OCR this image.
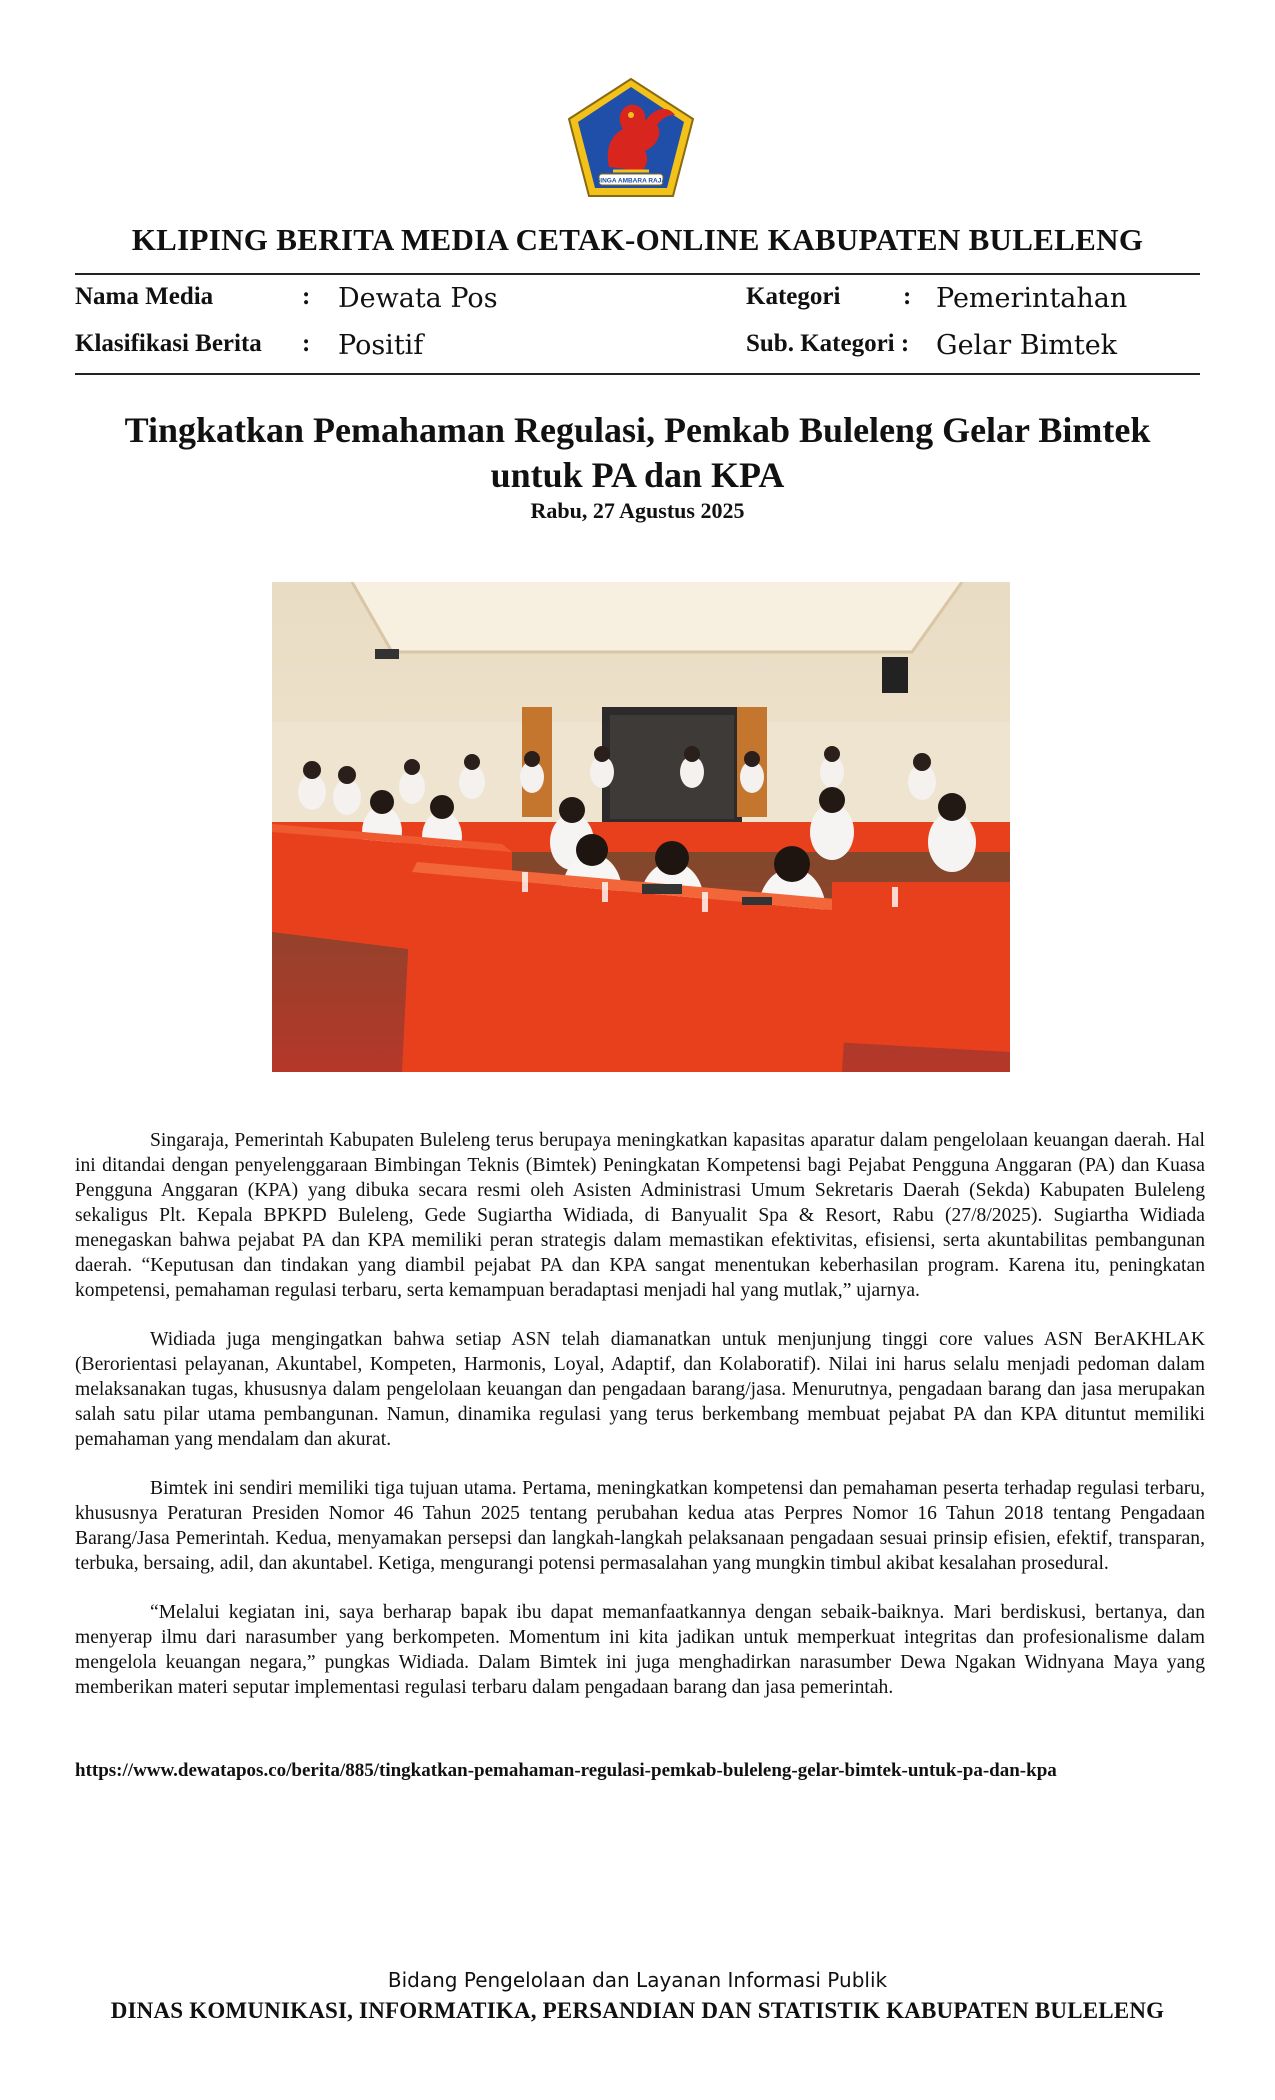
SINGA AMBARA RAJA
KLIPING BERITA MEDIA CETAK-ONLINE KABUPATEN BULELENG
Nama Media	: Dewata Pos	Kategori	: Pemerintahan
Klasifikasi Berita : Positif	Sub. Kategori : Gelar Bimtek
Tingkatkan Pemahaman Regulasi, Pemkab Buleleng Gelar Bimtek untuk PA dan KPA
Rabu, 27 Agustus 2025

Singaraja, Pemerintah Kabupaten Buleleng terus berupaya meningkatkan kapasitas aparatur dalam pengelolaan keuangan daerah. Hal ini ditandai dengan penyelenggaraan Bimbingan Teknis (Bimtek) Peningkatan Kompetensi bagi Pejabat Pengguna Anggaran (PA) dan Kuasa Pengguna Anggaran (KPA) yang dibuka secara resmi oleh Asisten Administrasi Umum Sekretaris Daerah (Sekda) Kabupaten Buleleng sekaligus Plt. Kepala BPKPD Buleleng, Gede Sugiartha Widiada, di Banyualit Spa & Resort, Rabu (27/8/2025). Sugiartha Widiada menegaskan bahwa pejabat PA dan KPA memiliki peran strategis dalam memastikan efektivitas, efisiensi, serta akuntabilitas pembangunan daerah. “Keputusan dan tindakan yang diambil pejabat PA dan KPA sangat menentukan keberhasilan program. Karena itu, peningkatan kompetensi, pemahaman regulasi terbaru, serta kemampuan beradaptasi menjadi hal yang mutlak,” ujarnya.

Widiada juga mengingatkan bahwa setiap ASN telah diamanatkan untuk menjunjung tinggi core values ASN BerAKHLAK (Berorientasi pelayanan, Akuntabel, Kompeten, Harmonis, Loyal, Adaptif, dan Kolaboratif). Nilai ini harus selalu menjadi pedoman dalam melaksanakan tugas, khususnya dalam pengelolaan keuangan dan pengadaan barang/jasa. Menurutnya, pengadaan barang dan jasa merupakan salah satu pilar utama pembangunan. Namun, dinamika regulasi yang terus berkembang membuat pejabat PA dan KPA dituntut memiliki pemahaman yang mendalam dan akurat.

Bimtek ini sendiri memiliki tiga tujuan utama. Pertama, meningkatkan kompetensi dan pemahaman peserta terhadap regulasi terbaru, khususnya Peraturan Presiden Nomor 46 Tahun 2025 tentang perubahan kedua atas Perpres Nomor 16 Tahun 2018 tentang Pengadaan Barang/Jasa Pemerintah. Kedua, menyamakan persepsi dan langkah-langkah pelaksanaan pengadaan sesuai prinsip efisien, efektif, transparan, terbuka, bersaing, adil, dan akuntabel. Ketiga, mengurangi potensi permasalahan yang mungkin timbul akibat kesalahan prosedural.

“Melalui kegiatan ini, saya berharap bapak ibu dapat memanfaatkannya dengan sebaik-baiknya. Mari berdiskusi, bertanya, dan menyerap ilmu dari narasumber yang berkompeten. Momentum ini kita jadikan untuk memperkuat integritas dan profesionalisme dalam mengelola keuangan negara,” pungkas Widiada. Dalam Bimtek ini juga menghadirkan narasumber Dewa Ngakan Widnyana Maya yang memberikan materi seputar implementasi regulasi terbaru dalam pengadaan barang dan jasa pemerintah.

https://www.dewatapos.co/berita/885/tingkatkan-pemahaman-regulasi-pemkab-buleleng-gelar-bimtek-untuk-pa-dan-kpa
Bidang Pengelolaan dan Layanan Informasi Publik
DINAS KOMUNIKASI, INFORMATIKA, PERSANDIAN DAN STATISTIK KABUPATEN BULELENG
